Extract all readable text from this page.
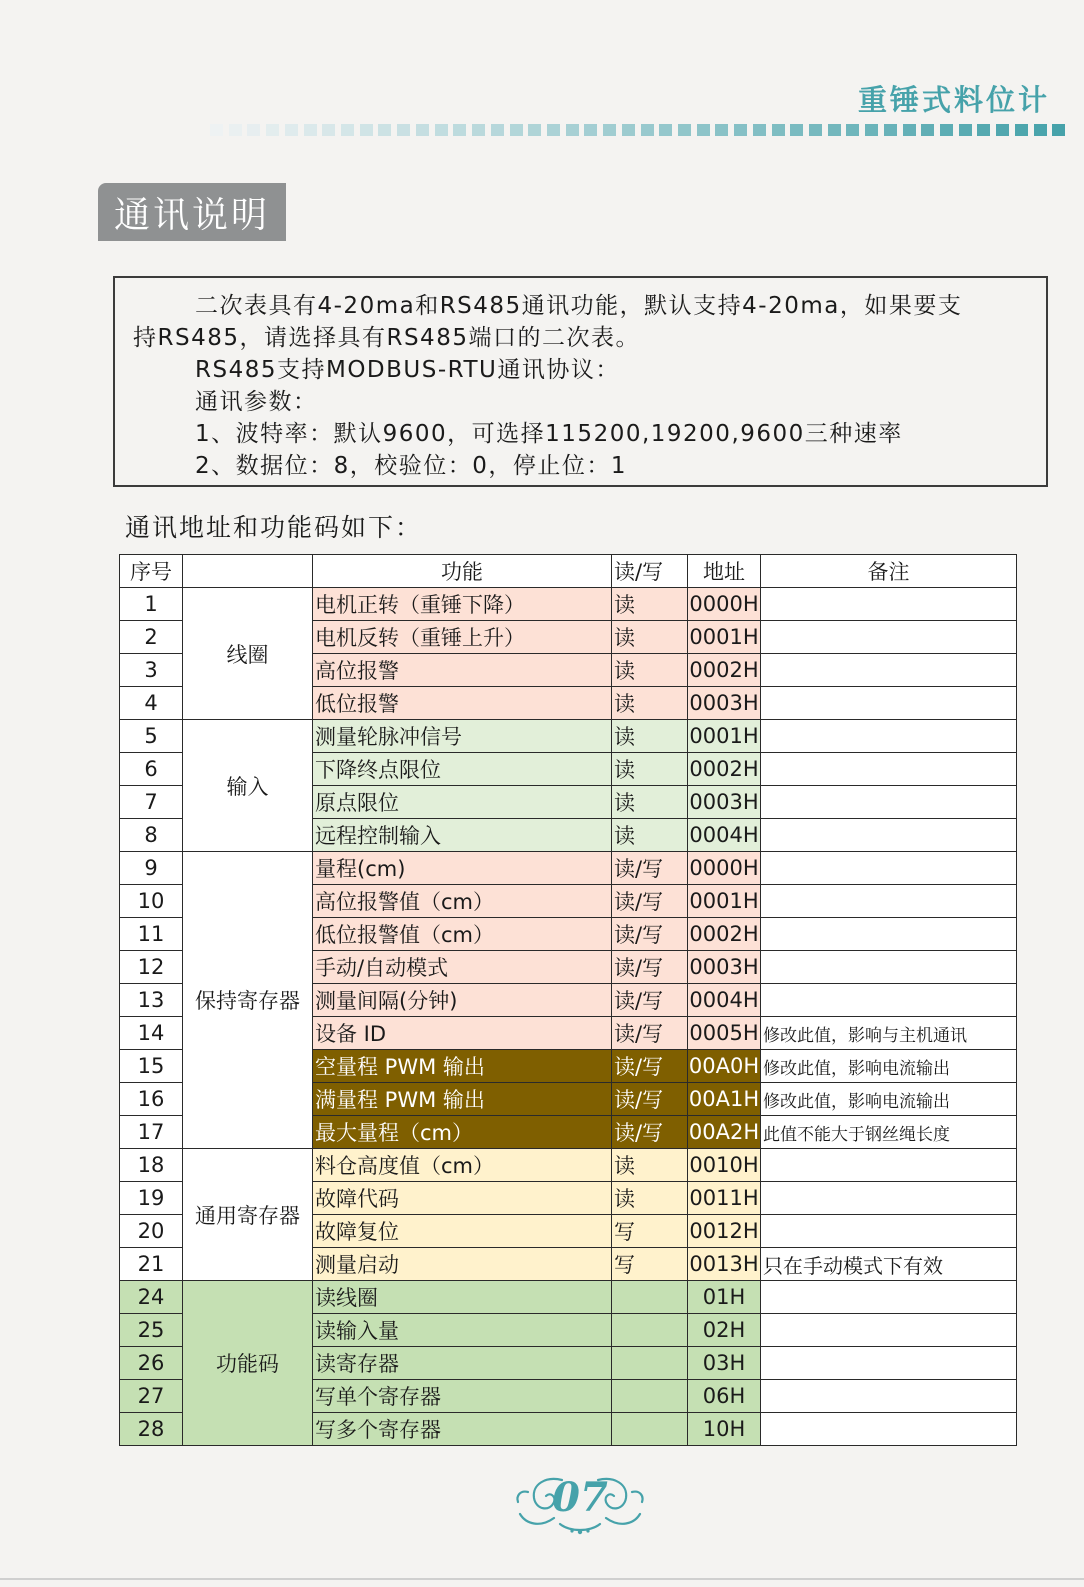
重锤式料位计
通讯说明

二次表具有4-20ma和RS485通讯功能，默认支持4-20ma，如果要支

持RS485，请选择具有RS485端口的二次表。

RS485支持MODBUS-RTU通讯协议：

通讯参数：

1、波特率：默认9600，可选择115200,19200,9600三种速率

2、数据位：8，校验位：0，停止位：1

通讯地址和功能码如下：
序号		功能	读/写	地址	备注
1	线圈	电机正转（重锤下降）	读	0000H	
2		电机反转（重锤上升）	读	0001H	
3		高位报警	读	0002H	
4		低位报警	读	0003H	
5	输入	测量轮脉冲信号	读	0001H	
6		下降终点限位	读	0002H	
7		原点限位	读	0003H	
8		远程控制输入	读	0004H	
9	保持寄存器	量程(cm)	读/写	0000H	
10		高位报警值（cm）	读/写	0001H	
11		低位报警值（cm）	读/写	0002H	
12		手动/自动模式	读/写	0003H	
13		测量间隔(分钟)	读/写	0004H	
14		设备 ID	读/写	0005H	修改此值，影响与主机通讯
15		空量程 PWM 输出	读/写	00A0H	修改此值，影响电流输出
16		满量程 PWM 输出	读/写	00A1H	修改此值，影响电流输出
17		最大量程（cm）	读/写	00A2H	此值不能大于钢丝绳长度
18	通用寄存器	料仓高度值（cm）	读	0010H	
19		故障代码	读	0011H	
20		故障复位	写	0012H	
21		测量启动	写	0013H	只在手动模式下有效
24	功能码	读线圈		01H	
25		读输入量		02H	
26		读寄存器		03H	
27		写单个寄存器		06H	
28		写多个寄存器		10H	
07
